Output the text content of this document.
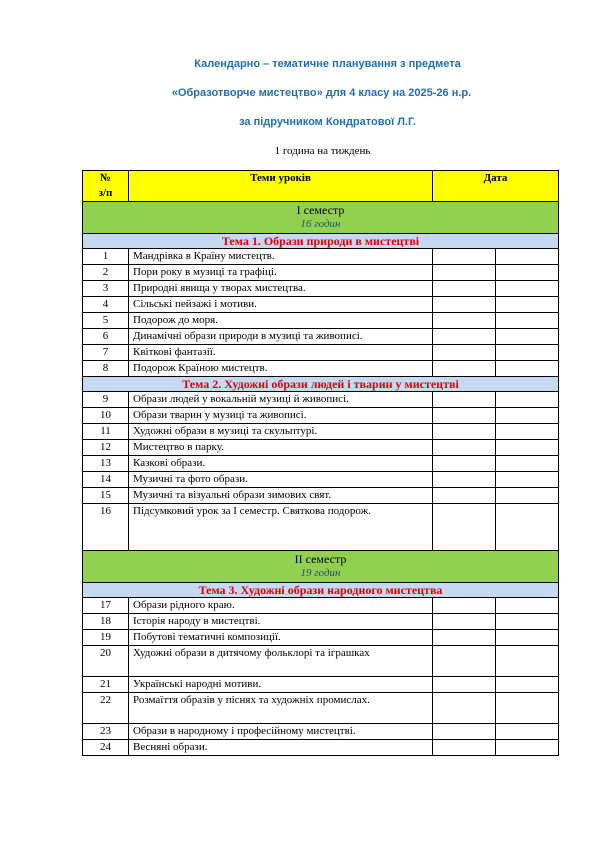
Календарно – тематичне планування з предмета
«Образотворче мистецтво» для 4 класу на 2025-26 н.р.
за підручником Кондратової Л.Г.
1 година на тиждень
№
з/п	Теми уроків	Дата	

І семестр
16 годин			

Тема 1. Образи природи в мистецтві			
1	Мандрівка в Країну мистецтв.		
2	Пори року в музиці та графіці.		
3	Природні явища у творах мистецтва.		
4	Сільські пейзажі і мотиви.		
5	Подорож до моря.		
6	Динамічні образи природи в музиці та живописі.		
7	Квіткові фантазії.		
8	Подорож Країною мистецтв.		
Тема 2. Художні образи людей і тварин у мистецтві			
9	Образи людей у вокальній музиці й живописі.		
10	Образи тварин у музиці та живописі.		
11	Художні образи в музиці та скульптурі.		
12	Мистецтво в парку.		
13	Казкові образи.		
14	Музичні та фото образи.		
15	Музичні та візуальні образи зимових свят.		
16	Підсумковий урок за І семестр. Святкова подорож.		

ІІ семестр
19 годин			

Тема 3. Художні образи народного мистецтва			
17	Образи рідного краю.		
18	Історія народу в мистецтві.		
19	Побутові тематичні композиції.		
20	Художні образи в дитячому фольклорі та іграшках		
21	Українські народні мотиви.		
22	Розмаїття образів у піснях та художніх промислах.		
23	Образи в народному і професійному мистецтві.		
24	Весняні образи.		
